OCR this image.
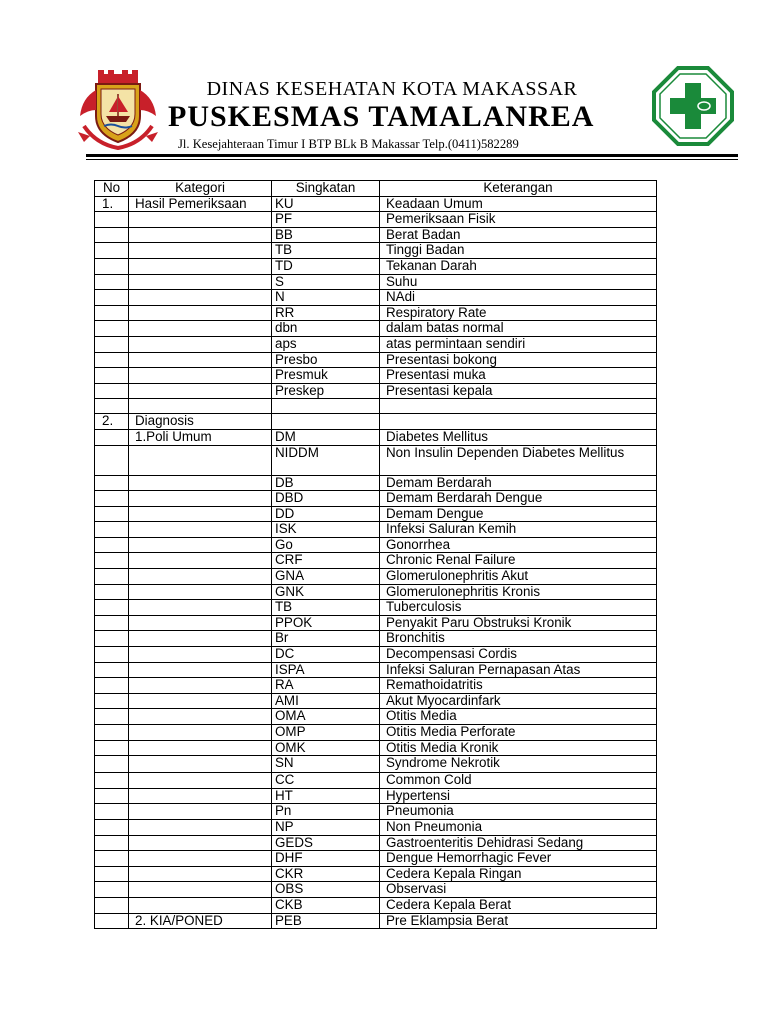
DINAS KESEHATAN KOTA MAKASSAR
PUSKESMAS TAMALANREA
Jl. Kesejahteraan Timur I BTP BLk B Makassar Telp.(0411)582289
No	Kategori	Singkatan	Keterangan
1.	Hasil Pemeriksaan	KU	Keadaan Umum
		PF	Pemeriksaan Fisik
		BB	Berat Badan
		TB	Tinggi Badan
		TD	Tekanan Darah
		S	Suhu
		N	NAdi
		RR	Respiratory Rate
		dbn	dalam batas normal
		aps	atas permintaan sendiri
		Presbo	Presentasi bokong
		Presmuk	Presentasi muka
		Preskep	Presentasi kepala

2.	Diagnosis		
	1.Poli Umum	DM	Diabetes Mellitus
		NIDDM	Non Insulin Dependen Diabetes Mellitus
		DB	Demam Berdarah
		DBD	Demam Berdarah Dengue
		DD	Demam Dengue
		ISK	Infeksi Saluran Kemih
		Go	Gonorrhea
		CRF	Chronic Renal Failure
		GNA	Glomerulonephritis Akut
		GNK	Glomerulonephritis Kronis
		TB	Tuberculosis
		PPOK	Penyakit Paru Obstruksi Kronik
		Br	Bronchitis
		DC	Decompensasi Cordis
		ISPA	Infeksi Saluran Pernapasan Atas
		RA	Remathoidatritis
		AMI	Akut Myocardinfark
		OMA	Otitis Media
		OMP	Otitis Media Perforate
		OMK	Otitis Media Kronik
		SN	Syndrome Nekrotik
		CC	Common Cold
		HT	Hypertensi
		Pn	Pneumonia
		NP	Non Pneumonia
		GEDS	Gastroenteritis Dehidrasi Sedang
		DHF	Dengue Hemorrhagic Fever
		CKR	Cedera Kepala Ringan
		OBS	Observasi
		CKB	Cedera Kepala Berat
	2. KIA/PONED	PEB	Pre Eklampsia Berat
